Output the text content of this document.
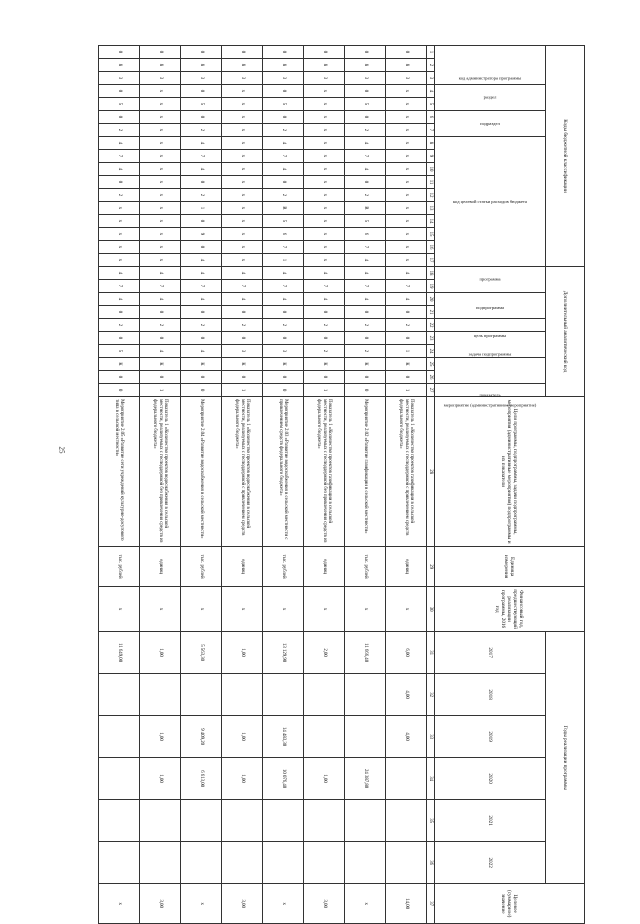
25
Коды бюджетной классификации																	Дополнительный аналитический код										Цели программы, подпрограммы, задачи подпрограммы, мероприятия (административные мероприятия) подпрограммы и их показатели	Единица измерения	Финансовый год, предшествующий реализации программы, 2016 год	Годы реализации программы						Целевое (суммарное) значение
код администратора программы			раздел		подраздел		код целевой статьи расходов бюджета										программа		подпрограмма		цель программы	задача подпрограммы		мероприятие (административное мероприятие)		показатель				2017	2018	2019	2020	2021	2022	
1	2	3	4	5	6	7	8	9	10	11	12	13	14	15	16	17	18	19	20	21	22	23	24	25	26	27	28	29	30	31	32	33	34	35	36	37
0	8	3	х	х	х	х	х	х	х	х	х	х	х	х	х	х	4	7	4	0	2	0	1	К	0	1	Показатель 1 «Количество проектов газификации в сельской местности, реализуемых с господдержкой с привлечением средств федерального бюджета»	единиц	х	6,00	4,00	4,00				14,00
0	8	3	0	5	0	2	4	7	4	0	2	R	5	6	7	4	4	7	4	0	2	0	2	К	0	0	Мероприятие 2.02 «Развитие газификации в сельской местности»	тыс. рублей	х	11 666,40			24 387,80			х
0	8	3	х	х	х	х	х	х	х	х	х	х	х	х	х	х	4	7	4	0	2	0	2	К	0	1	Показатель 1 «Количество проектов газификации в сельской местности, реализуемых с господдержкой без привлечения средств из федерального бюджета»	единиц	х	2,00			1,00			3,00
0	8	3	0	5	0	2	4	7	4	0	2	R	5	6	7	1	4	7	4	0	2	0	3	К	0	0	Мероприятие 2.03 «Развитие водоснабжения в сельской местности с привлечением средств федерального бюджета»	тыс. рублей	х	13 129,90		14 483,30	10 076,40			х
0	8	3	х	х	х	х	х	х	х	х	х	х	х	х	х	х	4	7	4	0	2	0	3	К	0	1	Показатель 1 «Количество проектов водоснабжения в сельской местности, реализуемых с господдержкой с привлечением средств федерального бюджета»	единиц	х	1,00		1,00	1,00			3,00
0	8	3	0	5	0	2	4	7	4	0	2	1	0	9	0	4	4	7	4	0	2	0	4	К	0	0	Мероприятие 2.04 «Развитие водоснабжения в сельской местности»	тыс. рублей	х	5 563,30		9 409,20	6 613,00			х
0	8	3	х	х	х	х	х	х	х	х	х	х	х	х	х	х	4	7	4	0	2	0	4	К	0	1	Показатель 1 «Количество проектов водоснабжения в сельской местности, реализуемых с господдержкой без привлечения средств из федерального бюджета»	единиц	х	1,00		1,00	1,00			3,00
0	8	3	0	5	0	2	4	7	4	0	2	х	х	х	х	х	4	7	4	0	2	0	5	К	0	0	Мероприятие 2.05 «Развитие сети учреждений культурно-досугового типа в сельской местности»	тыс. рублей	х	11 649,00						х
